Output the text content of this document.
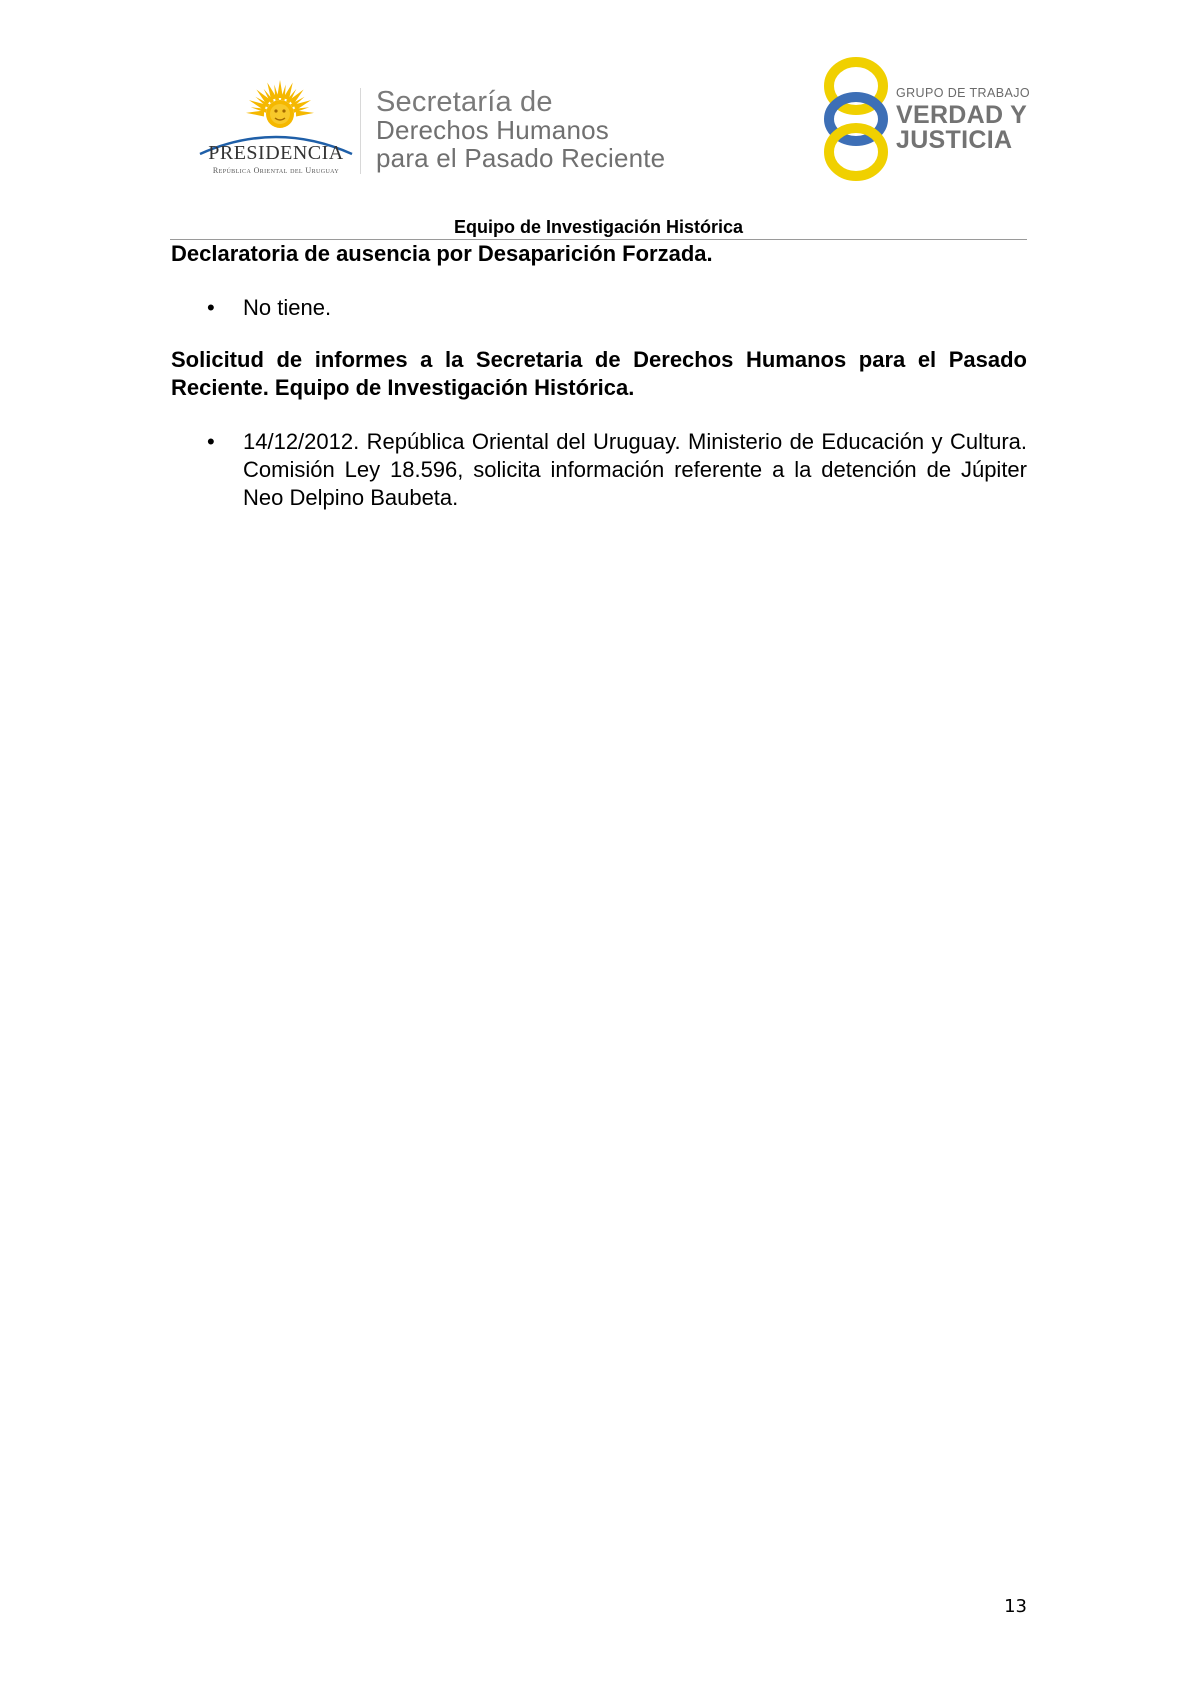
PRESIDENCIA
República Oriental del Uruguay
Secretaría de
Derechos Humanos
para el Pasado Reciente
GRUPO DE TRABAJO
VERDAD Y
JUSTICIA
Equipo de Investigación Histórica

Declaratoria de ausencia por Desaparición Forzada.

• No tiene.

Solicitud de informes a la Secretaria de Derechos Humanos para el Pasado Reciente. Equipo de Investigación Histórica.

• 14/12/2012. República Oriental del Uruguay. Ministerio de Educación y Cultura. Comisión Ley 18.596, solicita información referente a la detención de Júpiter Neo Delpino Baubeta.
13
